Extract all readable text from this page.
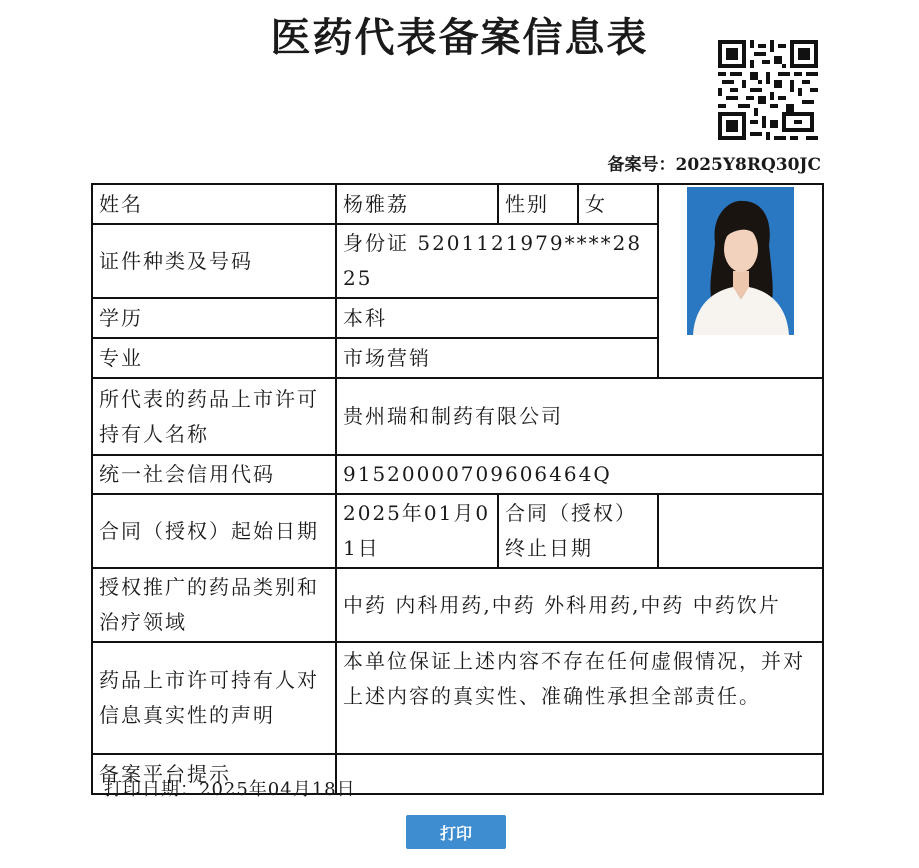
医药代表备案信息表
备案号：2025Y8RQ30JC
姓名	杨雅荔	性别	女	

证件种类及号码	身份证 5201121979****2825			
学历	本科			
专业	市场营销			
所代表的药品上市许可持有人名称	贵州瑞和制药有限公司			
统一社会信用代码	91520000709606464Q			
合同（授权）起始日期	2025年01月01日	合同（授权）终止日期		
授权推广的药品类别和治疗领域	中药 内科用药,中药 外科用药,中药 中药饮片			
药品上市许可持有人对信息真实性的声明	本单位保证上述内容不存在任何虚假情况，并对上述内容的真实性、准确性承担全部责任。			
备案平台提示				
打印日期：2025年04月18日
打印
